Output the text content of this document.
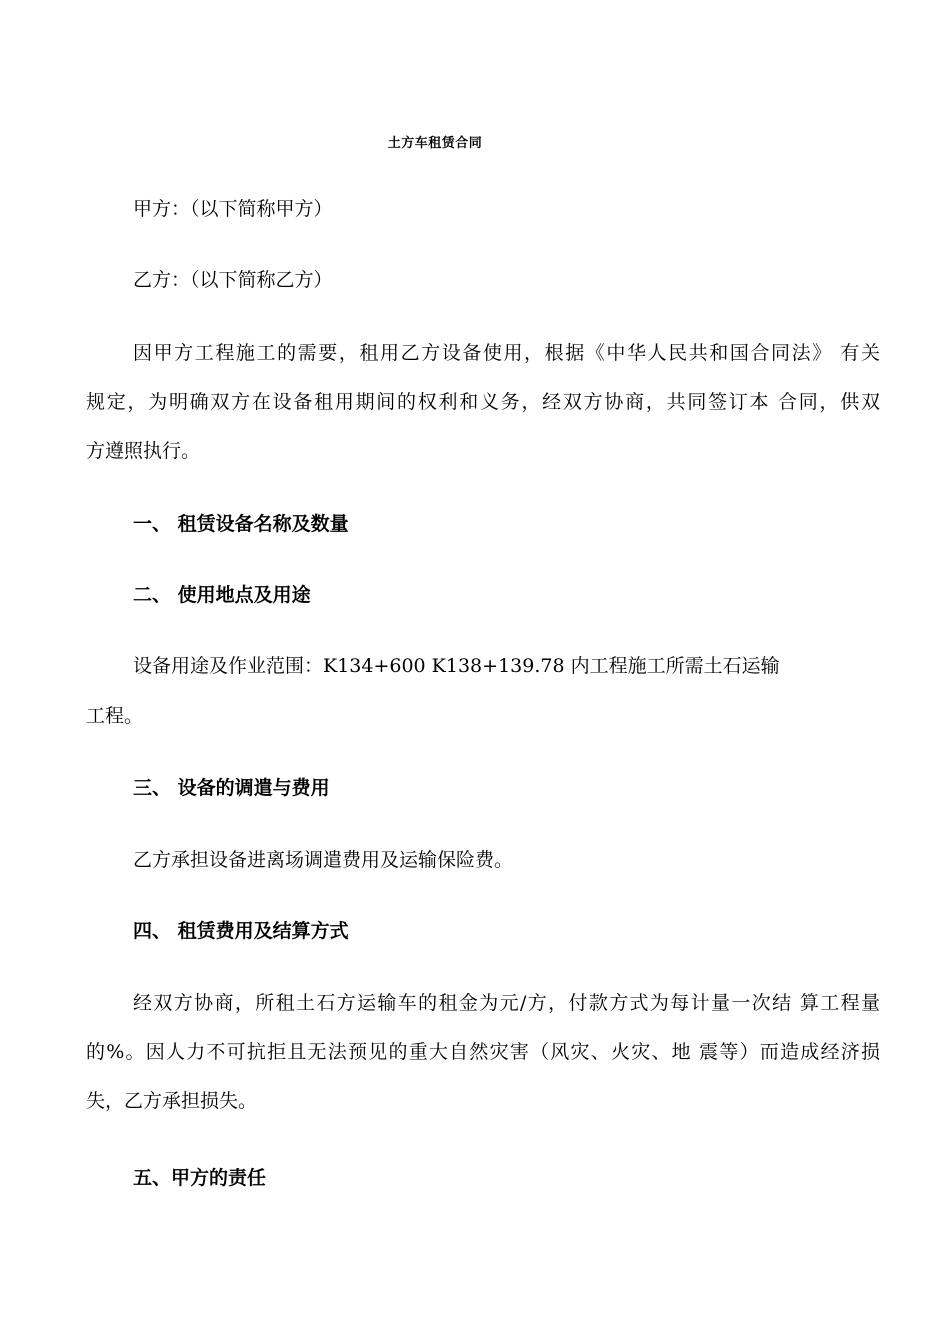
土方车租赁合同
甲方：（以下简称甲方）
乙方：（以下简称乙方）
因甲方工程施工的需要，租用乙方设备使用，根据《中华人民共和国合同法》 有关
规定，为明确双方在设备租用期间的权利和义务，经双方协商，共同签订本 合同，供双
方遵照执行。
一、 租赁设备名称及数量
二、 使用地点及用途
设备用途及作业范围：K134+600 K138+139.78 内工程施工所需土石运输
工程。
三、 设备的调遣与费用
乙方承担设备进离场调遣费用及运输保险费。
四、 租赁费用及结算方式
经双方协商，所租土石方运输车的租金为元/方，付款方式为每计量一次结 算工程量
的%。因人力不可抗拒且无法预见的重大自然灾害（风灾、火灾、地 震等）而造成经济损
失，乙方承担损失。
五、甲方的责任
